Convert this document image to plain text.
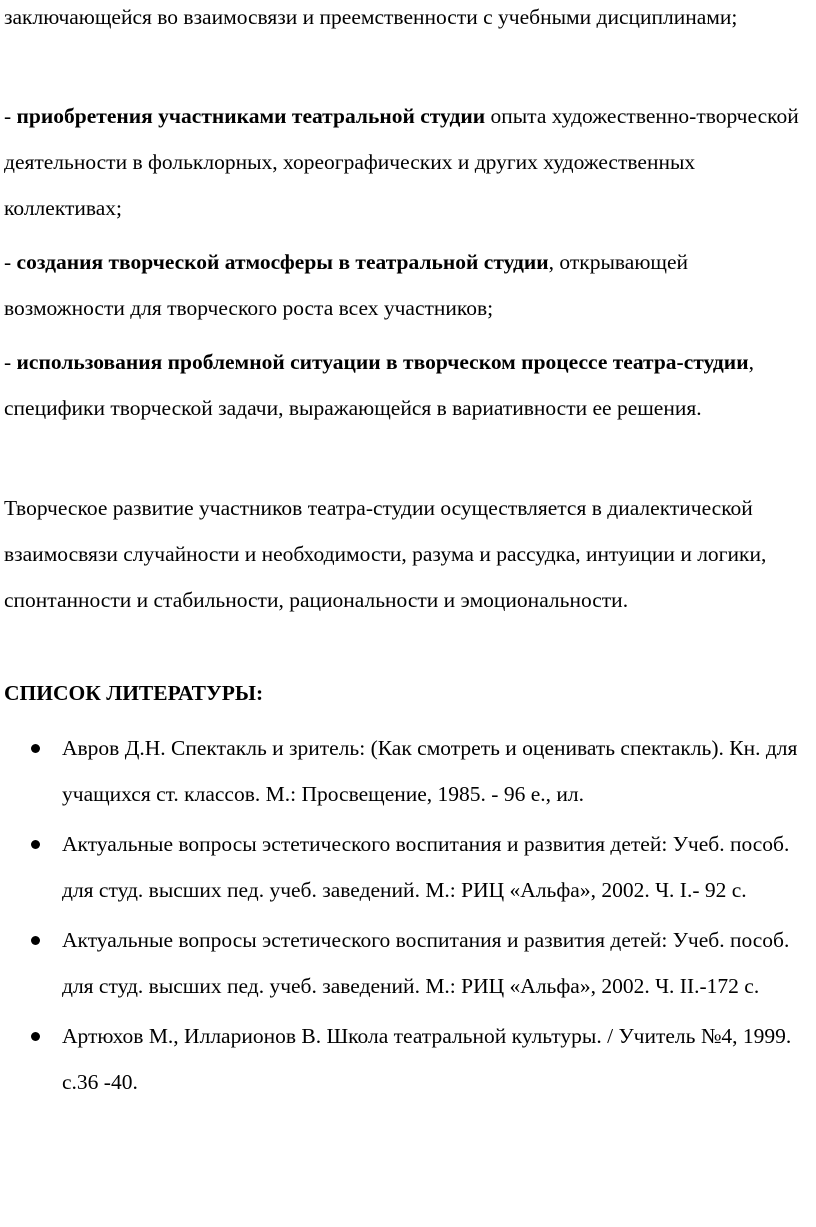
заключающейся во взаимосвязи и преемственности с учебными дисциплинами;

- приобретения участниками театральной студии опыта художественно-творческой деятельности в фольклорных, хореографических и других художественных коллективах;

- создания творческой атмосферы в театральной студии, открывающей возможности для творческого роста всех участников;

- использования проблемной ситуации в творческом процессе театра-студии, специфики творческой задачи, выражающейся в вариативности ее решения.

Творческое развитие участников театра-студии осуществляется в диалектической взаимосвязи случайности и необходимости, разума и рассудка, интуиции и логики, спонтанности и стабильности, рациональности и эмоциональности.

СПИСОК ЛИТЕРАТУРЫ:
Авров Д.Н. Спектакль и зритель: (Как смотреть и оценивать спектакль). Кн. для учащихся ст. классов. М.: Просвещение, 1985. - 96 е., ил.
Актуальные вопросы эстетического воспитания и развития детей: Учеб. пособ. для студ. высших пед. учеб. заведений. М.: РИЦ «Альфа», 2002. Ч. I.- 92 с.
Актуальные вопросы эстетического воспитания и развития детей: Учеб. пособ. для студ. высших пед. учеб. заведений. М.: РИЦ «Альфа», 2002. Ч. II.-172 с.
Артюхов М., Илларионов В. Школа театральной культуры. / Учитель №4, 1999. с.36 -40.
